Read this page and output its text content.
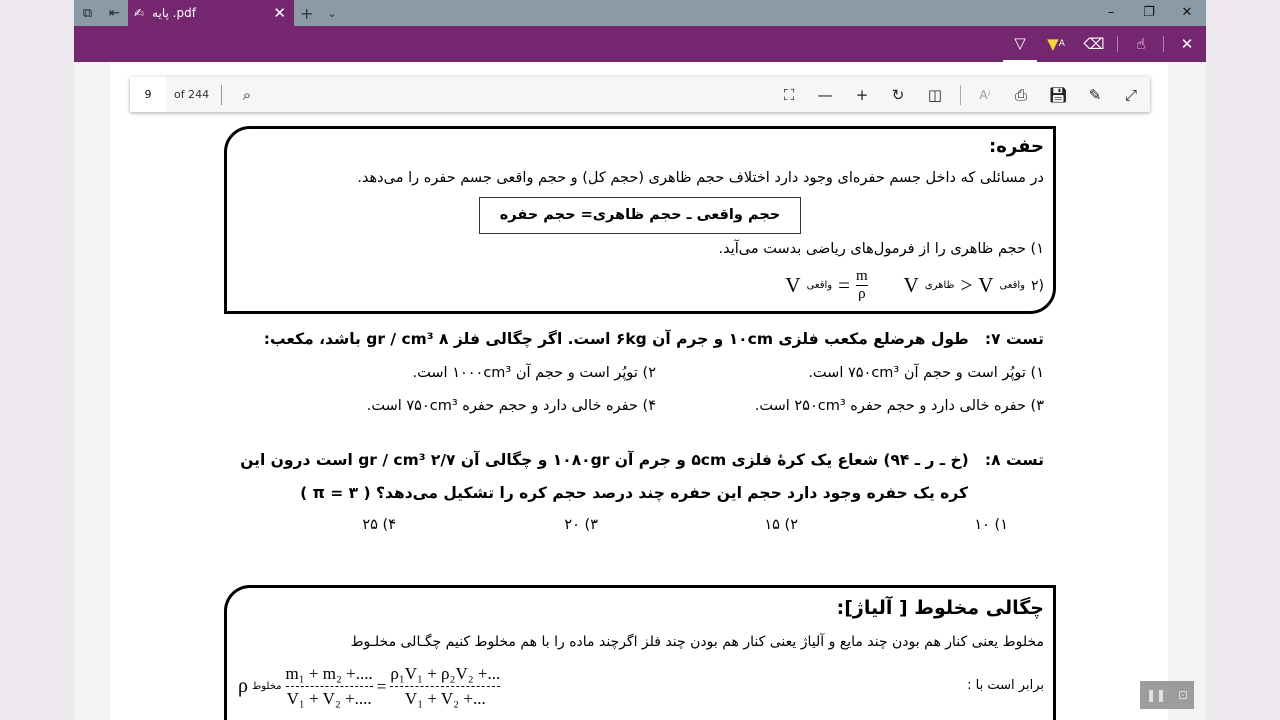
⧉	⇤	✍ پایه .pdf	✕ + ⌄	–	❐	✕
▽	▼ A	⌫	☝	✕
حفره:
در مسائلی که داخل جسم حفره‌ای وجود دارد اختلاف حجم ظاهری (حجم کل) و حجم واقعی جسم حفره را می‌دهد.
حجم واقعی ـ حجم ظاهری= حجم حفره
۱) حجم ظاهری را از فرمول‌های ریاضی بدست می‌آید.
V واقعی = $\frac{m}{\rho}$ V ظاهری > V واقعی ۲)
تست ۷:   طول هرضلع مکعب فلزی ۱۰cm و جرم آن ۶kg است. اگر چگالی فلز ۸ gr / cm³ باشد، مکعب:
۱) توپُر است و حجم آن ۷۵۰cm³ است.
۲) توپُر است و حجم آن ۱۰۰۰cm³ است.
۳) حفره خالی دارد و حجم حفره ۲۵۰cm³ است.
۴) حفره خالی دارد و حجم حفره ۷۵۰cm³ است.
تست ۸:   (خ ـ ر ـ ۹۴) شعاع یک کرهٔ فلزی ۵cm و جرم آن ۱۰۸۰gr و چگالی آن ۲/۷ gr / cm³ است درون این
کره یک حفره وجود دارد حجم این حفره چند درصد حجم کره را تشکیل می‌دهد؟ ( π = ۳ )
۱) ۱۰
۲) ۱۵
۳) ۲۰
۴) ۲۵
چگالی مخلوط [ آلیاژ]:
مخلوط یعنی کنار هم بودن چند مایع و آلیاژ یعنی کنار هم بودن چند فلز اگرچند ماده را با هم مخلوط کنیم چگـالی مخلـوط
برابر است با :
ρ مخلوط $\frac{\text{m₁ + m₂ +....}}{\text{V₁ + V₂ +....}} = \frac{\text{ρ₁V₁ + ρ₂V₂ +...}}{\text{V₁ + V₂ +...}}$
9	of 244	⌕	⛶	—	+	↻	◫	A⁾	⎙	💾︎	✎	⤢
❚❚ ⊡
